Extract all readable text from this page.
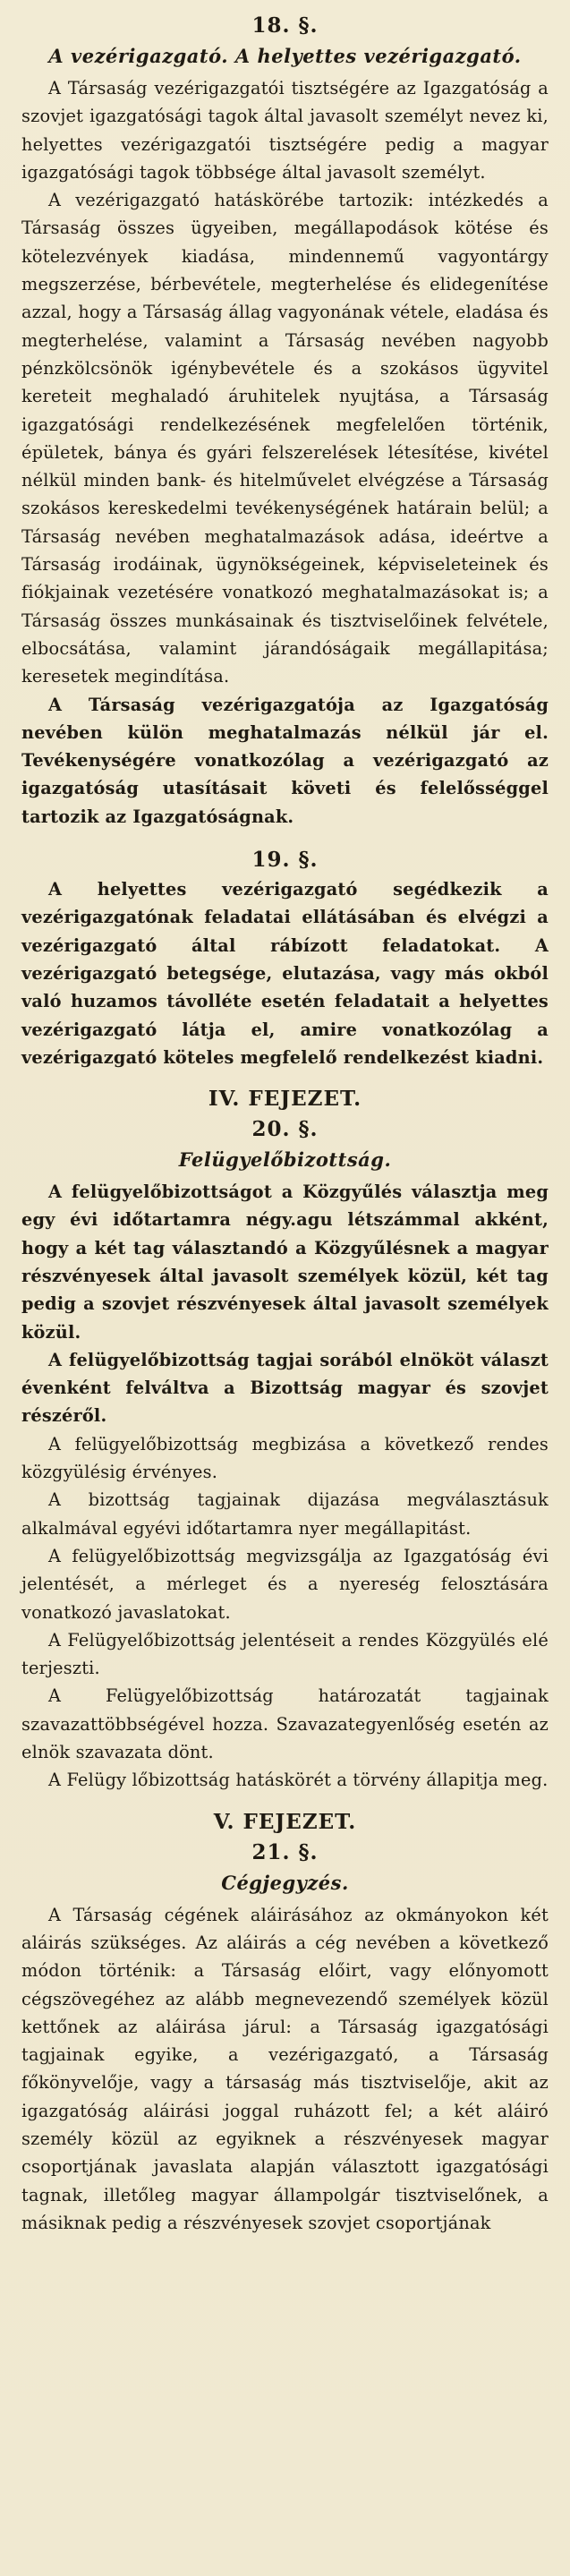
18. §.
A vezérigazgató. A helyettes vezérigazgató.

A Társaság vezérigazgatói tisztségére az Igazgatóság a szovjet igazgatósági tagok által javasolt személyt nevez ki, helyettes vezérigazgatói tisztségére pedig a magyar igazgatósági tagok többsége által javasolt személyt.

A vezérigazgató hatáskörébe tartozik: intézkedés a Társaság összes ügyeiben, megállapodások kötése és kötelezvények kiadása, mindennemű vagyontárgy megszerzése, bérbevétele, megterhelése és elidegenítése azzal, hogy a Társaság állag vagyonának vétele, eladása és megterhelése, valamint a Társaság nevében nagyobb pénzkölcsönök igénybevétele és a szokásos ügyvitel kereteit meghaladó áruhitelek nyujtása, a Társaság igazgatósági rendelkezésének megfelelően történik, épületek, bánya és gyári felszerelések létesítése, kivétel nélkül minden bank- és hitelművelet elvégzése a Társaság szokásos kereskedelmi tevékenységének határain belül; a Társaság nevében meghatalmazások adása, ideértve a Társaság irodáinak, ügynökségeinek, képviseleteinek és fiókjainak vezetésére vonatkozó meghatalmazásokat is; a Társaság összes munkásainak és tisztviselőinek felvétele, elbocsátása, valamint járandóságaik megállapitása; keresetek megindítása.

A Társaság vezérigazgatója az Igazgatóság nevében külön meghatalmazás nélkül jár el. Tevékenységére vonatkozólag a vezérigazgató az igazgatóság utasításait követi és felelősséggel tartozik az Igazgatóságnak.

19. §.

A helyettes vezérigazgató segédkezik a vezérigazgatónak feladatai ellátásában és elvégzi a vezérigazgató által rábízott feladatokat. A vezérigazgató betegsége, elutazása, vagy más okból való huzamos távolléte esetén feladatait a helyettes vezérigazgató látja el, amire vonatkozólag a vezérigazgató köteles megfelelő rendelkezést kiadni.

IV. FEJEZET.
20. §.
Felügyelőbizottság.

A felügyelőbizottságot a Közgyűlés választja meg egy évi időtartamra négy.agu létszámmal akként, hogy a két tag választandó a Közgyűlésnek a magyar részvényesek által javasolt személyek közül, két tag pedig a szovjet részvényesek által javasolt személyek közül.

A felügyelőbizottság tagjai sorából elnököt választ évenként felváltva a Bizottság magyar és szovjet részéről.

A felügyelőbizottság megbizása a következő rendes közgyülésig érvényes.

A bizottság tagjainak dijazása megválasztásuk alkalmával egyévi időtartamra nyer megállapitást.

A felügyelőbizottság megvizsgálja az Igazgatóság évi jelentését, a mérleget és a nyereség felosztására vonatkozó javaslatokat.

A Felügyelőbizottság jelentéseit a rendes Közgyülés elé terjeszti.

A Felügyelőbizottság határozatát tagjainak szavazattöbbségével hozza. Szavazategyenlőség esetén az elnök szavazata dönt.

A Felügy lőbizottság hatáskörét a törvény állapitja meg.

V. FEJEZET.
21. §.
Cégjegyzés.

A Társaság cégének aláirásához az okmányokon két aláirás szükséges. Az aláirás a cég nevében a következő módon történik: a Társaság előirt, vagy előnyomott cégszövegéhez az alább megnevezendő személyek közül kettőnek az aláirása járul: a Társaság igazgatósági tagjainak egyike, a vezérigazgató, a Társaság főkönyvelője, vagy a társaság más tisztviselője, akit az igazgatóság aláirási joggal ruházott fel; a két aláiró személy közül az egyiknek a részvényesek magyar csoportjának javaslata alapján választott igazgatósági tagnak, illetőleg magyar állampolgár tisztviselőnek, a másiknak pedig a részvényesek szovjet csoportjának
